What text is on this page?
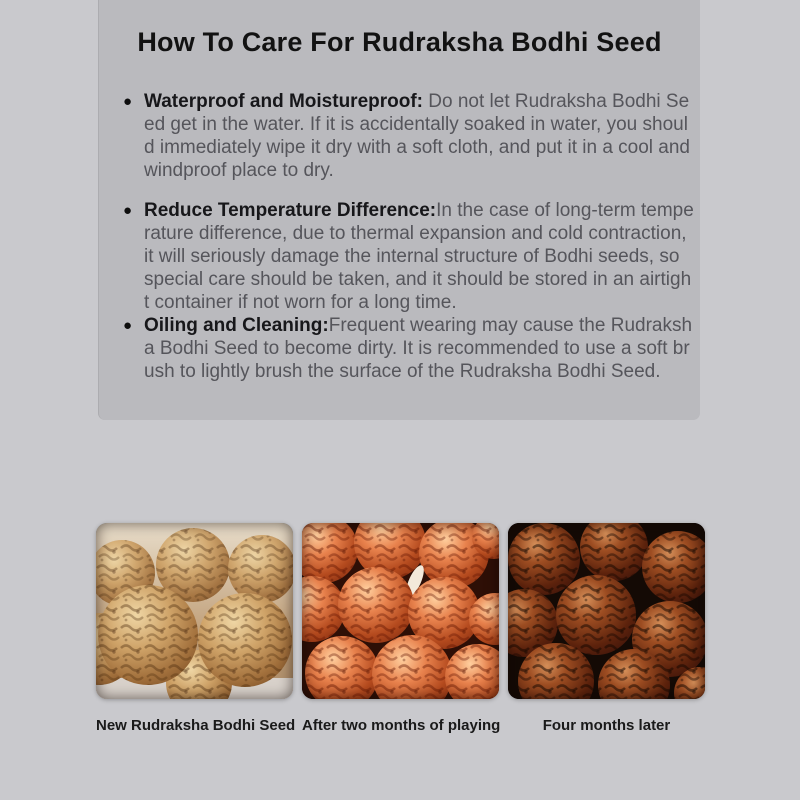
How To Care For Rudraksha Bodhi Seed
● Waterproof and Moistureproof: Do not let Rudraksha Bodhi Seed get in the water. If it is accidentally soaked in water, you should immediately wipe it dry with a soft cloth, and put it in a cool and windproof place to dry.

● Reduce Temperature Difference:In the case of long-term temperature difference, due to thermal expansion and cold contraction, it will seriously damage the internal structure of Bodhi seeds, so special care should be taken, and it should be stored in an airtight container if not worn for a long time.

● Oiling and Cleaning:Frequent wearing may cause the Rudraksha Bodhi Seed to become dirty. It is recommended to use a soft brush to lightly brush the surface of the Rudraksha Bodhi Seed.

New Rudraksha Bodhi Seed After two months of playing	Four months later
